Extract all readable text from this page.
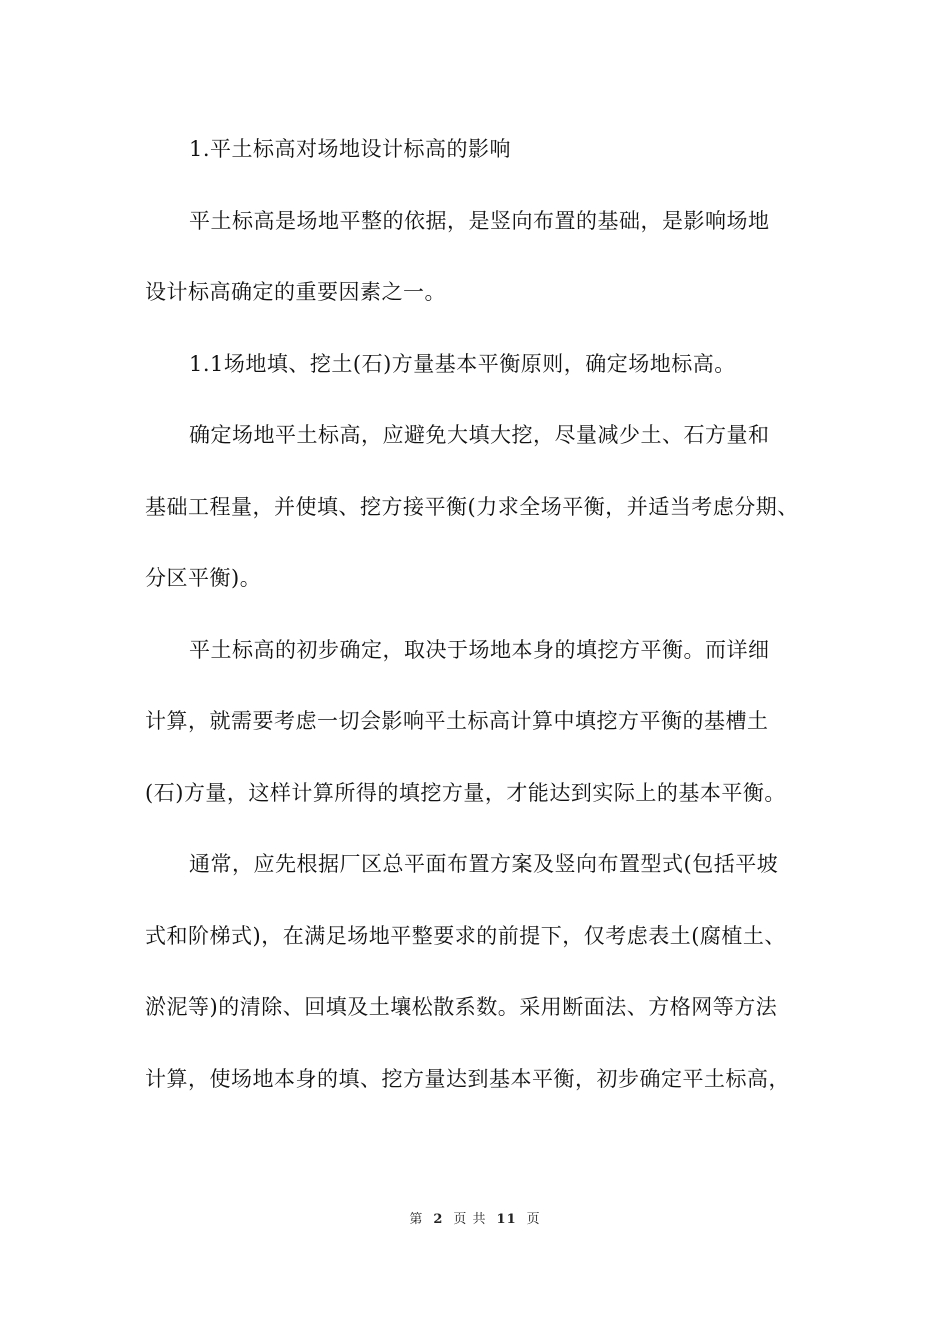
1.平土标高对场地设计标高的影响
平土标高是场地平整的依据，是竖向布置的基础，是影响场地
设计标高确定的重要因素之一。
1.1场地填、挖土(石)方量基本平衡原则，确定场地标高。
确定场地平土标高，应避免大填大挖，尽量减少土、石方量和
基础工程量，并使填、挖方接平衡(力求全场平衡，并适当考虑分期、
分区平衡)。
平土标高的初步确定，取决于场地本身的填挖方平衡。而详细
计算，就需要考虑一切会影响平土标高计算中填挖方平衡的基槽土
(石)方量，这样计算所得的填挖方量，才能达到实际上的基本平衡。
通常，应先根据厂区总平面布置方案及竖向布置型式(包括平坡
式和阶梯式)，在满足场地平整要求的前提下，仅考虑表土(腐植土、
淤泥等)的清除、回填及土壤松散系数。采用断面法、方格网等方法
计算，使场地本身的填、挖方量达到基本平衡，初步确定平土标高，
第 2 页 共 11 页
